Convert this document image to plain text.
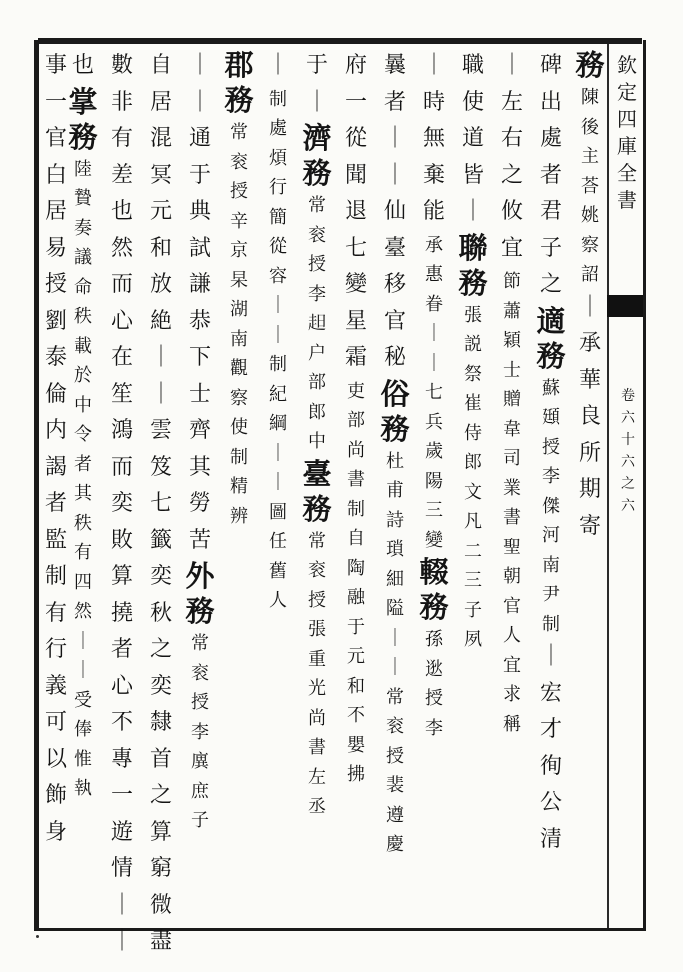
欽定四庫全書
卷六十六之六
務
陳
後
主
荅
姚
察
詔
｜
承
華
良
所
期
寄
碑
出
處
者
君
子
之
適
務
蘇
頲
授
李
傑
河
南
尹
制
｜
宏
才
徇
公
清
｜
左
右
之
攸
宜
節
蕭
穎
士
贈
韋
司
業
書
聖
朝
官
人
宜
求
稱
職
使
道
皆
｜
聯
務
張
説
祭
崔
侍
郎
文
凡
二
三
子
夙
｜
時
無
棄
能
承
惠
眷
｜
｜
七
兵
歲
陽
三
變
輟
務
孫
逖
授
李
曩
者
｜
｜
仙
臺
移
官
秘
俗
務
杜
甫
詩
瑣
細
隘
｜
｜
常
衮
授
裴
遵
慶
府
一
從
聞
退
七
變
星
霜
吏
部
尚
書
制
自
陶
融
于
元
和
不
嬰
拂
于
｜
濟
務
常
衮
授
李
𧺝
户
部
郎
中
臺
務
常
衮
授
張
重
光
尚
書
左
丞
｜
制
處
煩
行
簡
從
容
｜
｜
制
紀
綱
｜
｜
圖
任
舊
人
郡
務
常
衮
授
辛
京
杲
湖
南
觀
察
使
制
精
辨
｜
｜
通
于
典
試
謙
恭
下
士
齊
其
勞
苦
外
務
常
衮
授
李
廙
庶
子
自
居
混
冥
元
和
放
絶
｜
｜
雲
笈
七
籤
奕
秋
之
奕
隸
首
之
算
窮
微
盡
數
非
有
差
也
然
而
心
在
笙
鴻
而
奕
敗
算
撓
者
心
不
專
一
遊
情
｜
｜
也
掌
務
陸
贄
奏
議
命
秩
載
於
中
令
者
其
秩
有
四
然
｜
｜
受
俸
惟
執
事
一
官
白
居
易
授
劉
泰
倫
内
謁
者
監
制
有
行
義
可
以
飾
身
